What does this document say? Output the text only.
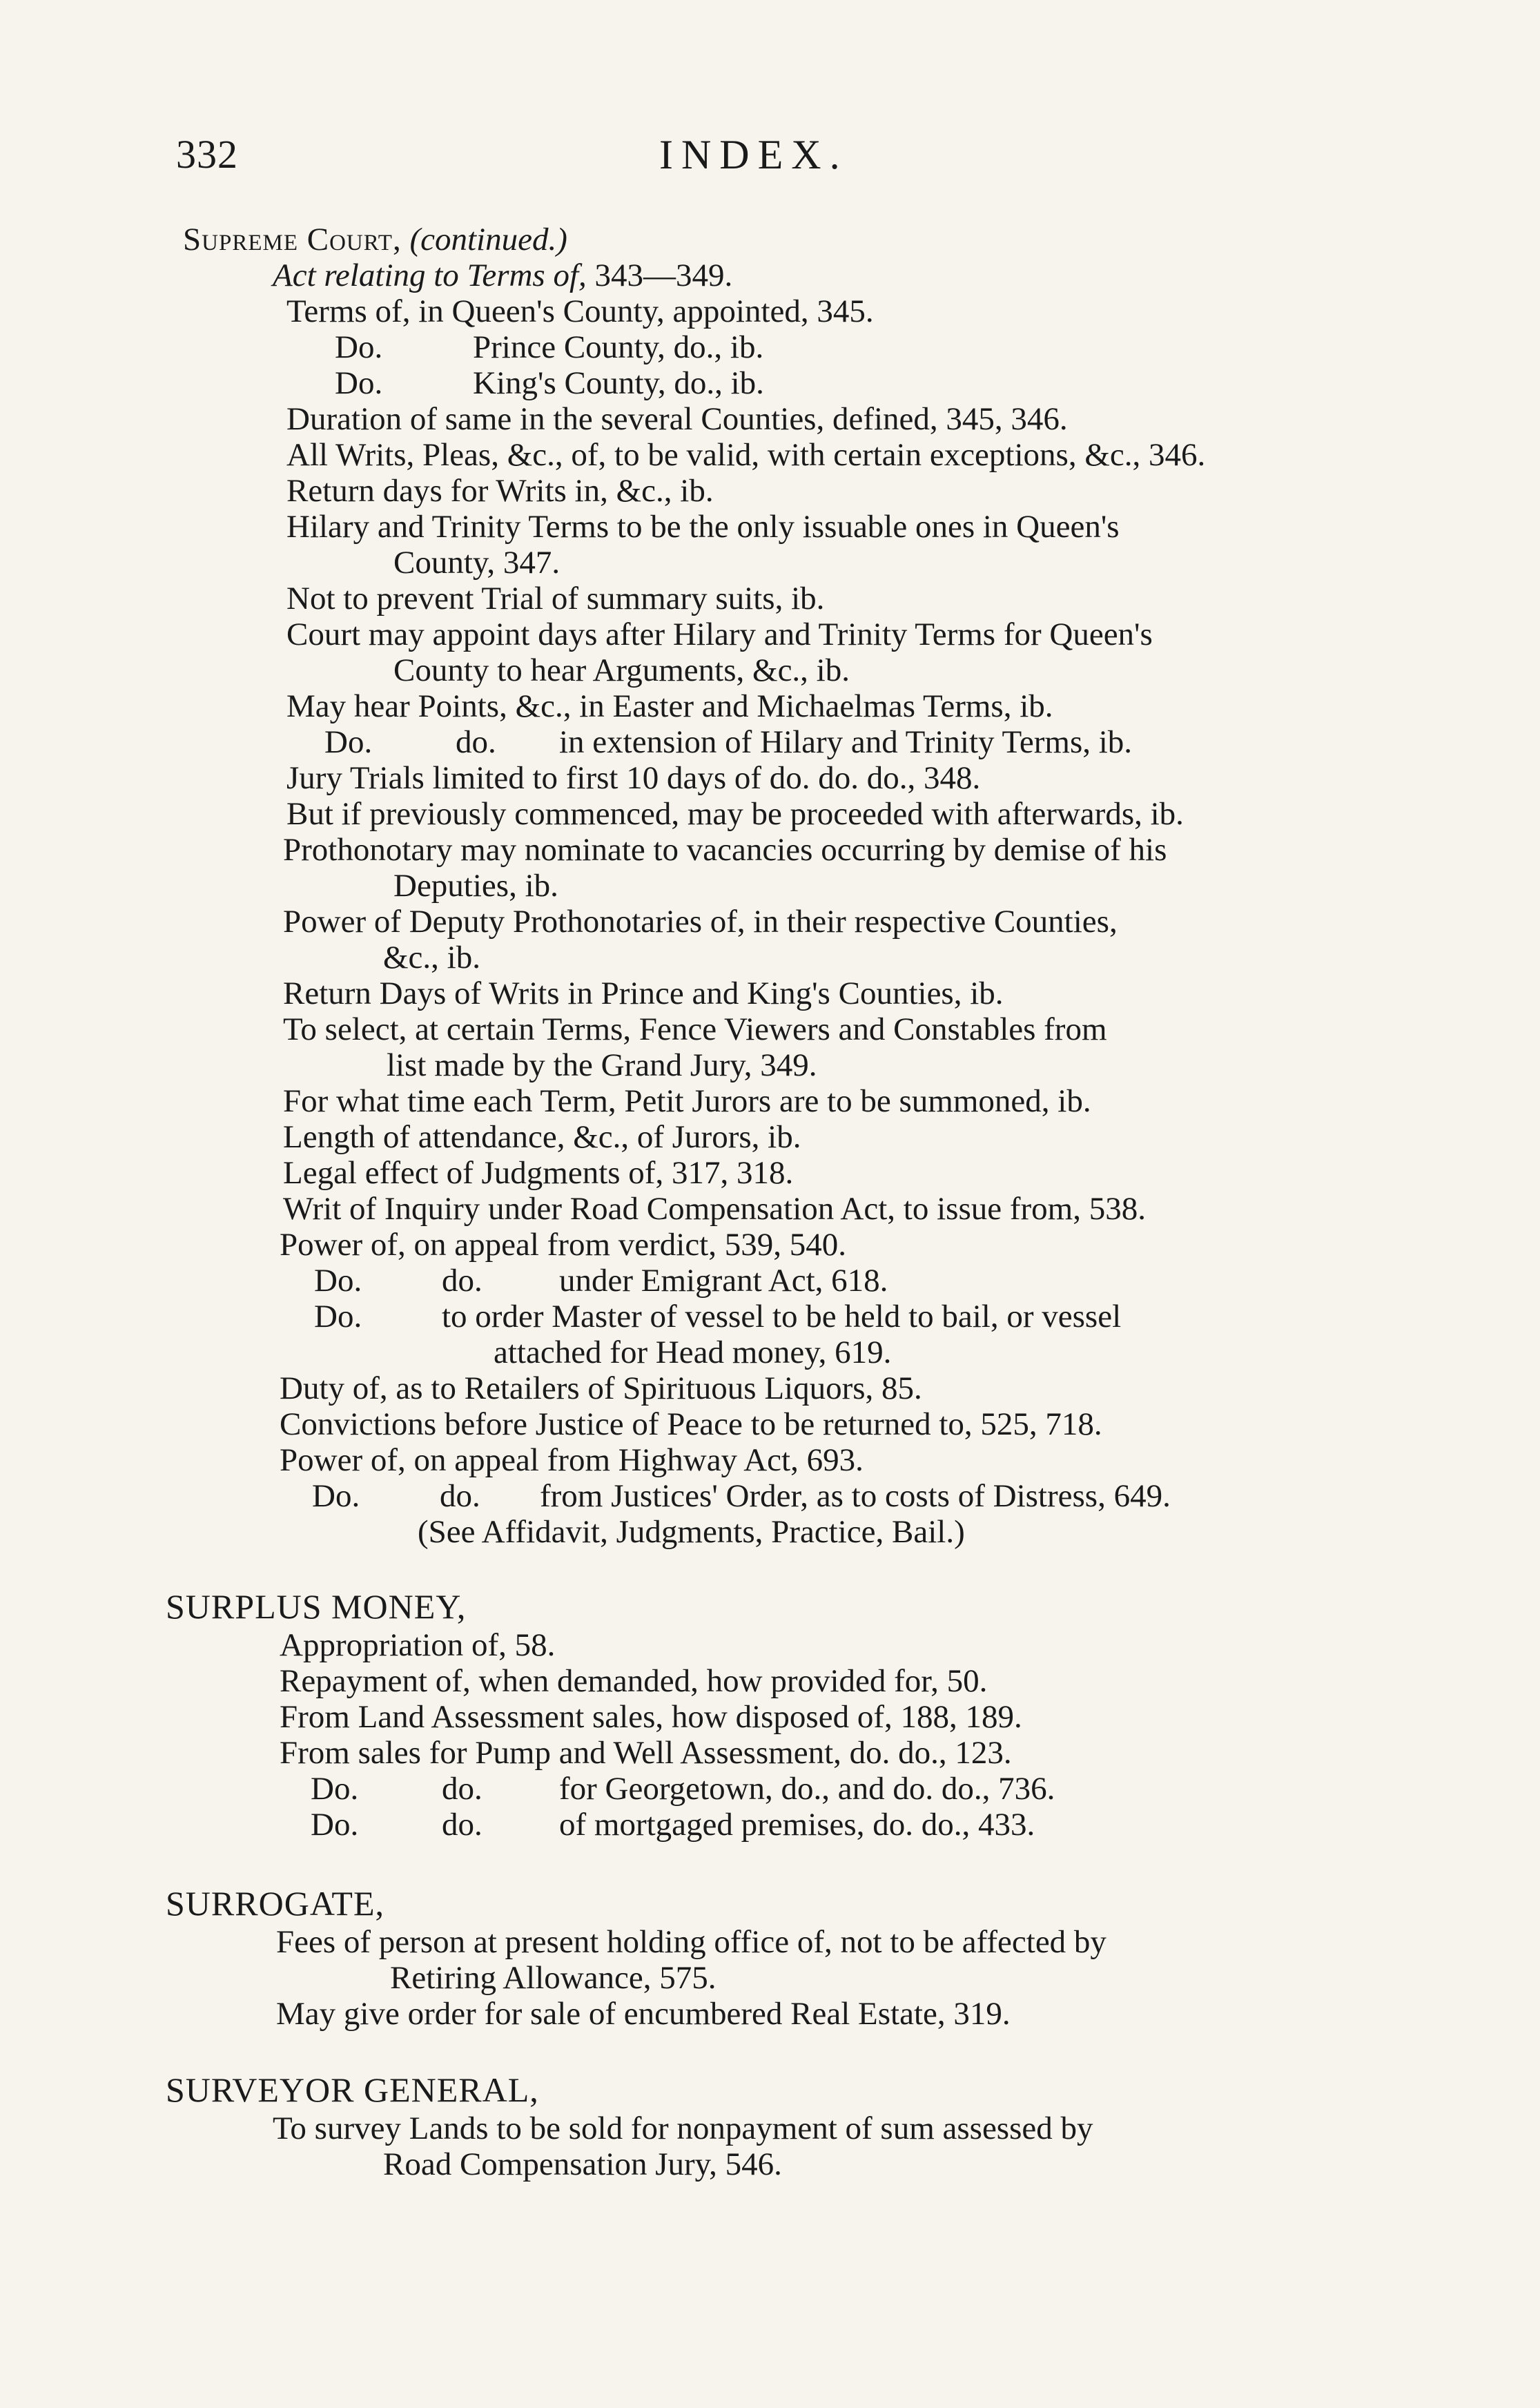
332	INDEX.
Supreme Court, (continued.)
Act relating to Terms of, 343—349.
Terms of, in Queen's County, appointed, 345.
Do.	Prince County, do., ib.
Do.	King's County, do., ib.
Duration of same in the several Counties, defined, 345, 346.
All Writs, Pleas, &c., of, to be valid, with certain exceptions, &c., 346.
Return days for Writs in, &c., ib.
Hilary and Trinity Terms to be the only issuable ones in Queen's
County, 347.
Not to prevent Trial of summary suits, ib.
Court may appoint days after Hilary and Trinity Terms for Queen's
County to hear Arguments, &c., ib.
May hear Points, &c., in Easter and Michaelmas Terms, ib.
Do.	do. in extension of Hilary and Trinity Terms, ib.
Jury Trials limited to first 10 days of do. do. do., 348.
But if previously commenced, may be proceeded with afterwards, ib.
Prothonotary may nominate to vacancies occurring by demise of his
Deputies, ib.
Power of Deputy Prothonotaries of, in their respective Counties,
&c., ib.
Return Days of Writs in Prince and King's Counties, ib.
To select, at certain Terms, Fence Viewers and Constables from
list made by the Grand Jury, 349.
For what time each Term, Petit Jurors are to be summoned, ib.
Length of attendance, &c., of Jurors, ib.
Legal effect of Judgments of, 317, 318.
Writ of Inquiry under Road Compensation Act, to issue from, 538.
Power of, on appeal from verdict, 539, 540.
Do. do. under Emigrant Act, 618.
Do. to order Master of vessel to be held to bail, or vessel
attached for Head money, 619.
Duty of, as to Retailers of Spirituous Liquors, 85.
Convictions before Justice of Peace to be returned to, 525, 718.
Power of, on appeal from Highway Act, 693.
Do. do. from Justices' Order, as to costs of Distress, 649.
(See Affidavit, Judgments, Practice, Bail.)
SURPLUS MONEY,
Appropriation of, 58.
Repayment of, when demanded, how provided for, 50.
From Land Assessment sales, how disposed of, 188, 189.
From sales for Pump and Well Assessment, do. do., 123.
Do.	do. for Georgetown, do., and do. do., 736.
Do.	do. of mortgaged premises, do. do., 433.
SURROGATE,
Fees of person at present holding office of, not to be affected by
Retiring Allowance, 575.
May give order for sale of encumbered Real Estate, 319.
SURVEYOR GENERAL,
To survey Lands to be sold for nonpayment of sum assessed by
Road Compensation Jury, 546.
